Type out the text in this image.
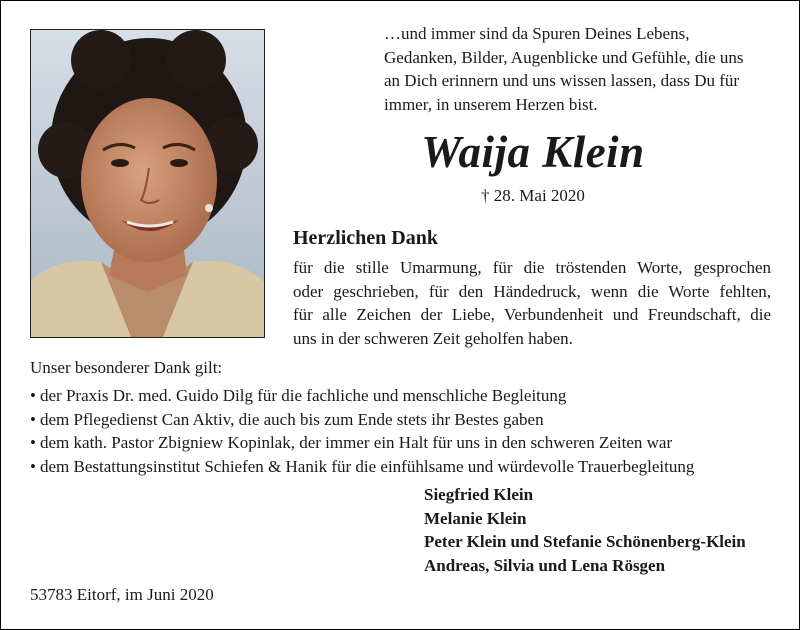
…und immer sind da Spuren Deines Lebens,
Gedanken, Bilder, Augenblicke und Gefühle, die uns
an Dich erinnern und uns wissen lassen, dass Du für
immer, in unserem Herzen bist.
Waija Klein
† 28. Mai 2020
Herzlichen Dank
für die stille Umarmung, für die tröstenden Worte, gesprochen
oder geschrieben, für den Händedruck, wenn die Worte fehlten,
für alle Zeichen der Liebe, Verbundenheit und Freundschaft, die
uns in der schweren Zeit geholfen haben.
Unser besonderer Dank gilt:
• der Praxis Dr. med. Guido Dilg für die fachliche und menschliche Begleitung
• dem Pflegedienst Can Aktiv, die auch bis zum Ende stets ihr Bestes gaben
• dem kath. Pastor Zbigniew Kopinlak, der immer ein Halt für uns in den schweren Zeiten war
• dem Bestattungsinstitut Schiefen & Hanik für die einfühlsame und würdevolle Trauerbegleitung
Siegfried Klein
Melanie Klein
Peter Klein und Stefanie Schönenberg-Klein
Andreas, Silvia und Lena Rösgen
53783 Eitorf, im Juni 2020
